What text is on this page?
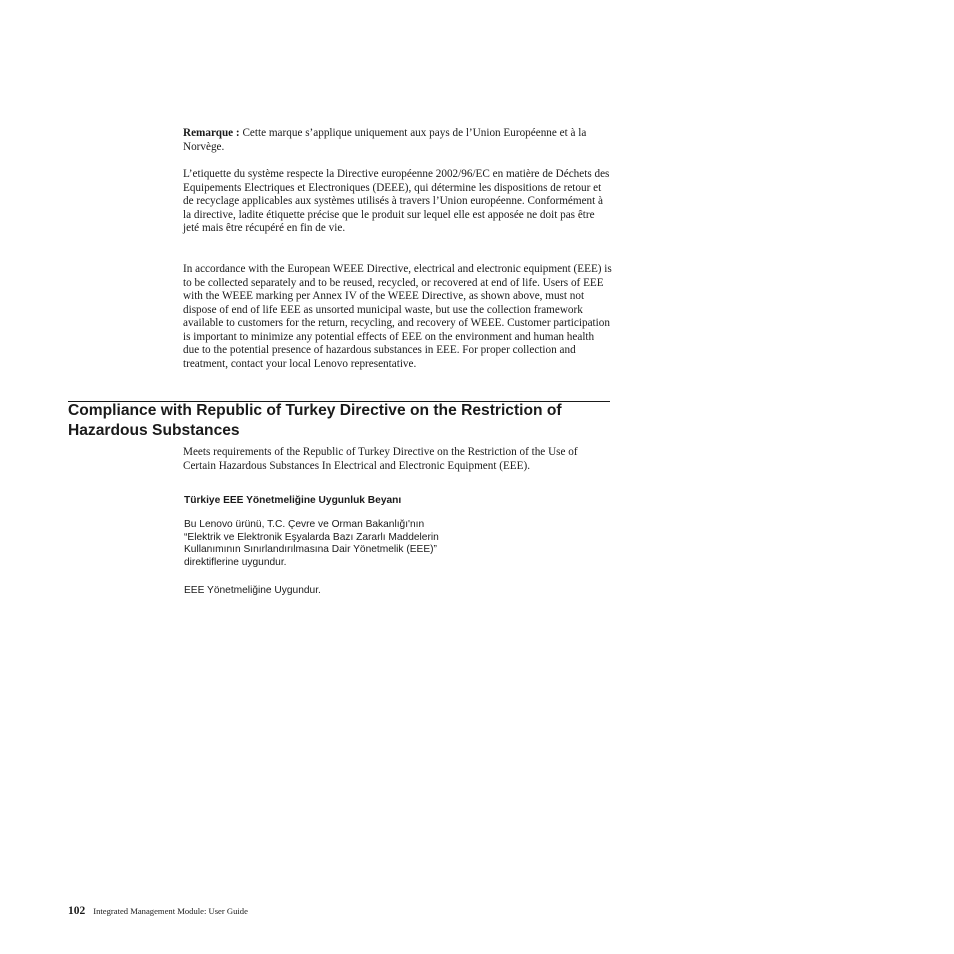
Remarque : Cette marque s’applique uniquement aux pays de l’Union Européenne et à la Norvège.

L’etiquette du système respecte la Directive européenne 2002/96/EC en matière de Déchets des Equipements Electriques et Electroniques (DEEE), qui détermine les dispositions de retour et de recyclage applicables aux systèmes utilisés à travers l’Union européenne. Conformément à la directive, ladite étiquette précise que le produit sur lequel elle est apposée ne doit pas être jeté mais être récupéré en fin de vie.

In accordance with the European WEEE Directive, electrical and electronic equipment (EEE) is to be collected separately and to be reused, recycled, or recovered at end of life. Users of EEE with the WEEE marking per Annex IV of the WEEE Directive, as shown above, must not dispose of end of life EEE as unsorted municipal waste, but use the collection framework available to customers for the return, recycling, and recovery of WEEE. Customer participation is important to minimize any potential effects of EEE on the environment and human health due to the potential presence of hazardous substances in EEE. For proper collection and treatment, contact your local Lenovo representative.

Compliance with Republic of Turkey Directive on the Restriction of Hazardous Substances

Meets requirements of the Republic of Turkey Directive on the Restriction of the Use of Certain Hazardous Substances In Electrical and Electronic Equipment (EEE).

Türkiye EEE Yönetmeliğine Uygunluk Beyanı

Bu Lenovo ürünü, T.C. Çevre ve Orman Bakanlığı'nın
“Elektrik ve Elektronik Eşyalarda Bazı Zararlı Maddelerin
Kullanımının Sınırlandırılmasına Dair Yönetmelik (EEE)”
direktiflerine uygundur.

EEE Yönetmeliğine Uygundur.

102 Integrated Management Module: User Guide
